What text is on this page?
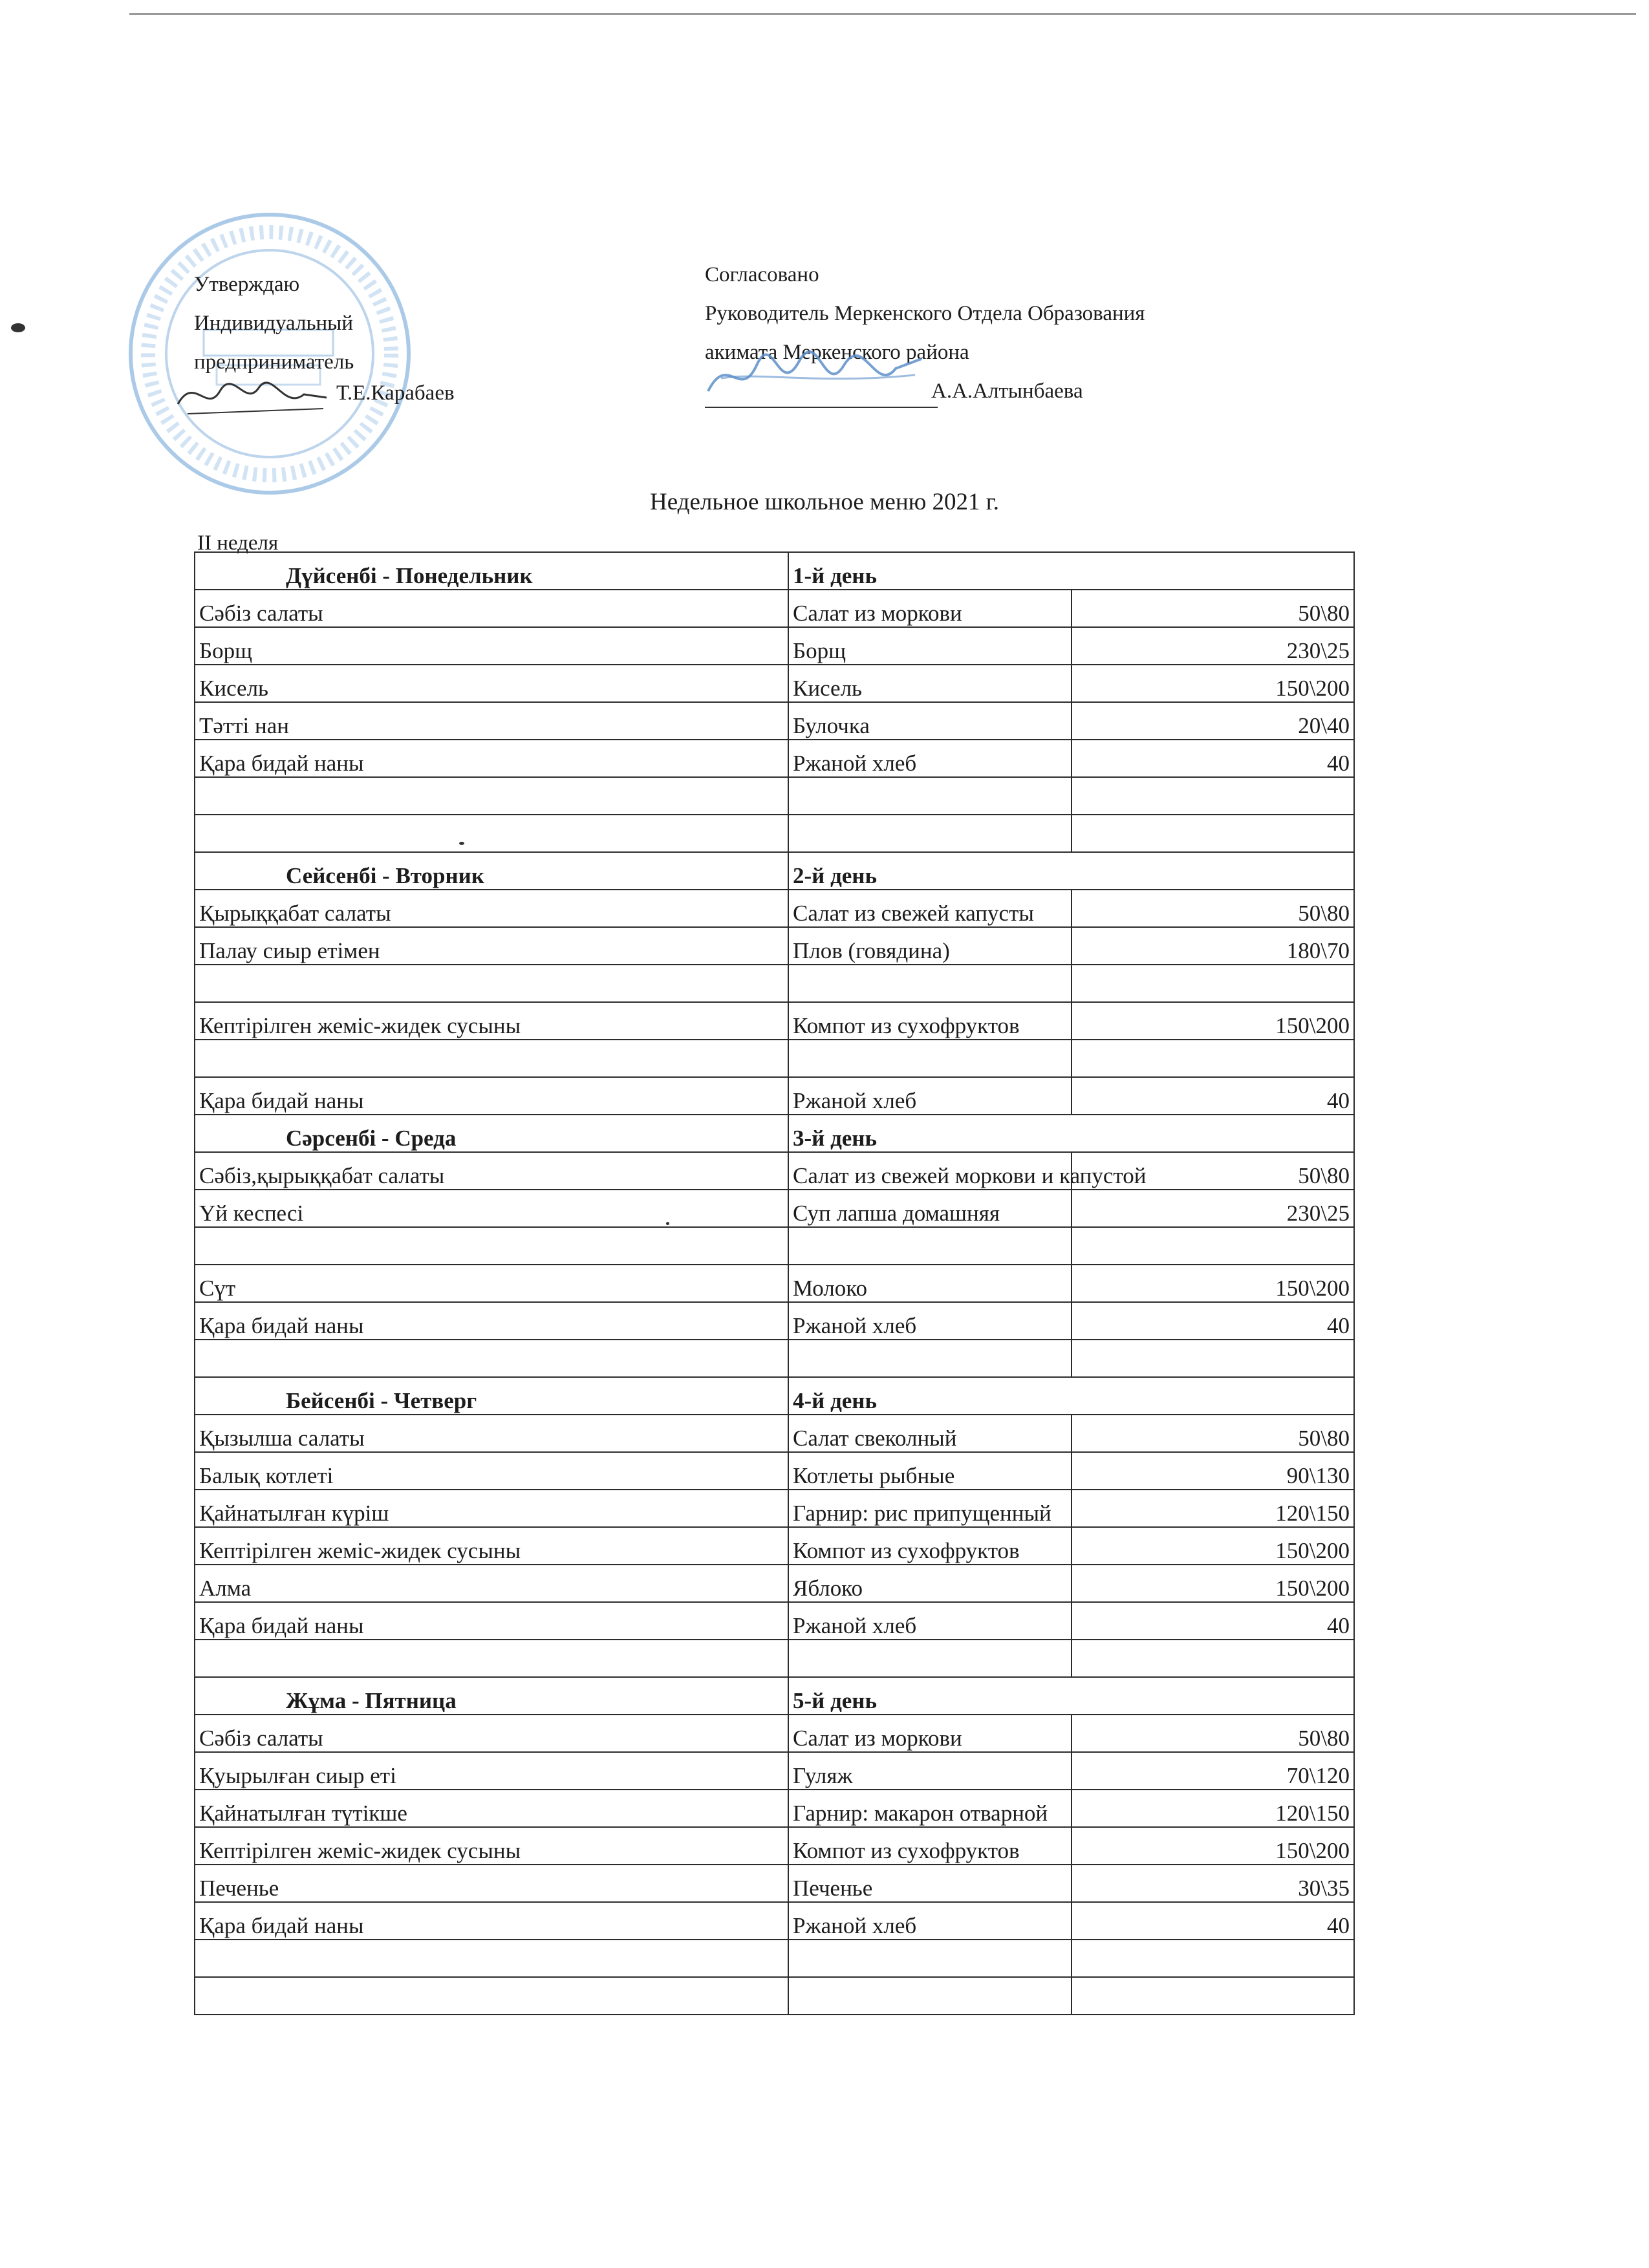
Утверждаю
Индивидуальный
предприниматель
Т.Е.Карабаев
Согласовано
Руководитель Меркенского Отдела Образования
акимата Меркенского района
А.А.Алтынбаева
Недельное школьное меню 2021 г.
II неделя
Дүйсенбі - Понедельник	1-й день	
Сәбіз салаты	Салат из моркови	50\80
Борщ	Борщ	230\25
Кисель	Кисель	150\200
Тәтті нан	Булочка	20\40
Қара бидай наны	Ржаной хлеб	40

Сейсенбі - Вторник	2-й день	
Қырыққабат салаты	Салат из свежей капусты	50\80
Палау сиыр етімен	Плов (говядина)	180\70

Кептірілген жеміс-жидек сусыны	Компот из сухофруктов	150\200

Қара бидай наны	Ржаной хлеб	40
Сәрсенбі - Среда	3-й день	
Сәбіз,қырыққабат салаты	Салат из свежей моркови и капустой	50\80
Үй кеспесі	Суп лапша домашняя	230\25

Сүт	Молоко	150\200
Қара бидай наны	Ржаной хлеб	40

Бейсенбі - Четверг	4-й день	
Қызылша салаты	Салат свеколный	50\80
Балық котлеті	Котлеты рыбные	90\130
Қайнатылған күріш	Гарнир: рис припущенный	120\150
Кептірілген жеміс-жидек сусыны	Компот из сухофруктов	150\200
Алма	Яблоко	150\200
Қара бидай наны	Ржаной хлеб	40

Жұма - Пятница	5-й день	
Сәбіз салаты	Салат из моркови	50\80
Қуырылған сиыр еті	Гуляж	70\120
Қайнатылған түтікше	Гарнир: макарон отварной	120\150
Кептірілген жеміс-жидек сусыны	Компот из сухофруктов	150\200
Печенье	Печенье	30\35
Қара бидай наны	Ржаной хлеб	40
